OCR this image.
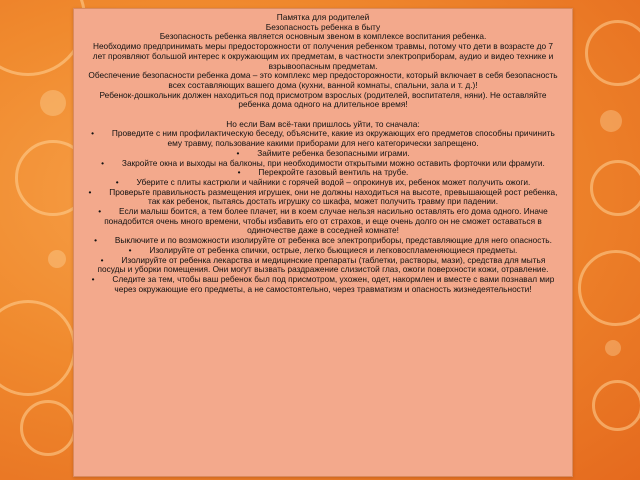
Памятка для родителей

Безопасность ребенка в быту

Безопасность ребенка является основным звеном в комплексе воспитания ребенка.

Необходимо предпринимать меры предосторожности от получения ребенком травмы, потому что дети в возрасте до 7 лет проявляют большой интерес к окружающим их предметам, в частности электроприборам, аудио и видео технике и взрывоопасным предметам.

Обеспечение безопасности ребенка дома – это комплекс мер предосторожности, который включает в себя безопасность всех составляющих вашего дома (кухни, ванной комнаты, спальни, зала и т. д.)!

Ребенок-дошкольник должен находиться под присмотром взрослых (родителей, воспитателя, няни). Не оставляйте ребенка дома одного на длительное время!

Но если Вам всё-таки пришлось уйти, то сначала:

•	Проведите с ним профилактическую беседу, объясните, какие из окружающих его предметов способны причинить ему травму, пользование какими приборами для него категорически запрещено.

•	Займите ребенка безопасными играми.

•	Закройте окна и выходы на балконы, при необходимости открытыми можно оставить форточки или фрамуги.

•	Перекройте газовый вентиль на трубе.

•	Уберите с плиты кастрюли и чайники с горячей водой – опрокинув их, ребенок может получить ожоги.

•	Проверьте правильность размещения игрушек, они не должны находиться на высоте, превышающей рост ребенка, так как ребенок, пытаясь достать игрушку со шкафа, может получить травму при падении.

•	Если малыш боится, а тем более плачет, ни в коем случае нельзя насильно оставлять его дома одного. Иначе понадобится очень много времени, чтобы избавить его от страхов, и еще очень долго он не сможет оставаться в одиночестве даже в соседней комнате!

•	Выключите и по возможности изолируйте от ребенка все электроприборы, представляющие для него опасность.

•	Изолируйте от ребенка спички, острые, легко бьющиеся и легковоспламеняющиеся предметы.

•	Изолируйте от ребенка лекарства и медицинские препараты (таблетки, растворы, мази), средства для мытья посуды и уборки помещения. Они могут вызвать раздражение слизистой глаз, ожоги поверхности кожи, отравление.

•	Следите за тем, чтобы ваш ребенок был под присмотром, ухожен, одет, накормлен и вместе с вами познавал мир через окружающие его предметы, а не самостоятельно, через травматизм и опасность жизнедеятельности!
